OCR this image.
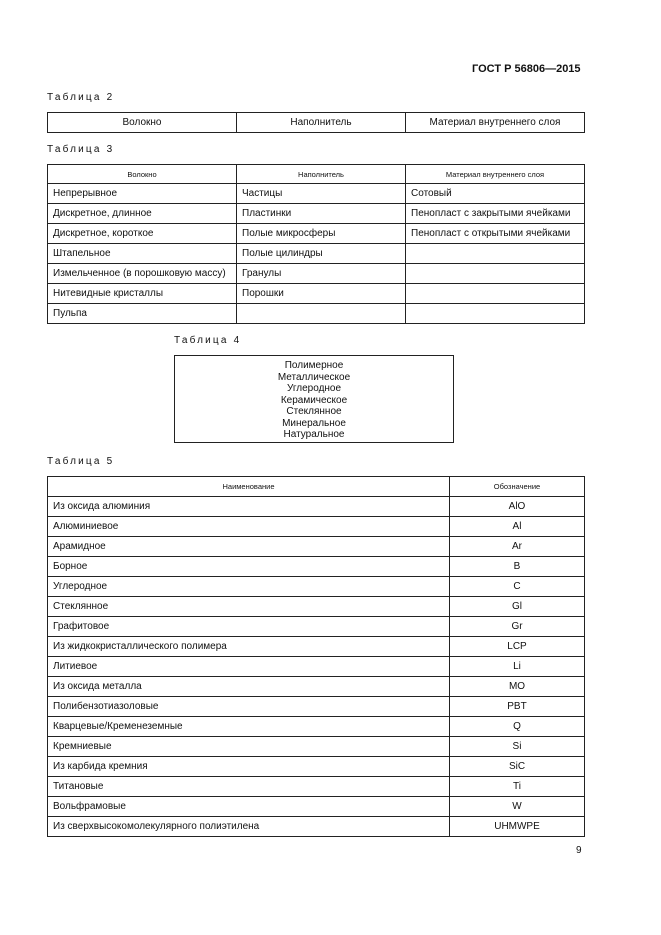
ГОСТ Р 56806—2015
Таблица 2
Волокно	Наполнитель	Материал внутреннего слоя
Таблица 3
Волокно	Наполнитель	Материал внутреннего слоя
Непрерывное	Частицы	Сотовый
Дискретное, длинное	Пластинки	Пенопласт с закрытыми ячейками
Дискретное, короткое	Полые микросферы	Пенопласт с открытыми ячейками
Штапельное	Полые цилиндры	
Измельченное (в порошковую массу)	Гранулы	
Нитевидные кристаллы	Порошки	
Пульпа		
Таблица 4
Полимерное
Металлическое
Углеродное
Керамическое
Стеклянное
Минеральное
Натуральное
Таблица 5
Наименование	Обозначение
Из оксида алюминия	AlO
Алюминиевое	Al
Арамидное	Ar
Борное	B
Углеродное	C
Стеклянное	Gl
Графитовое	Gr
Из жидкокристаллического полимера	LCP
Литиевое	Li
Из оксида металла	MO
Полибензотиазоловые	PBT
Кварцевые/Кременеземные	Q
Кремниевые	Si
Из карбида кремния	SiC
Титановые	Ti
Вольфрамовые	W
Из сверхвысокомолекулярного полиэтилена	UHMWPE
9
